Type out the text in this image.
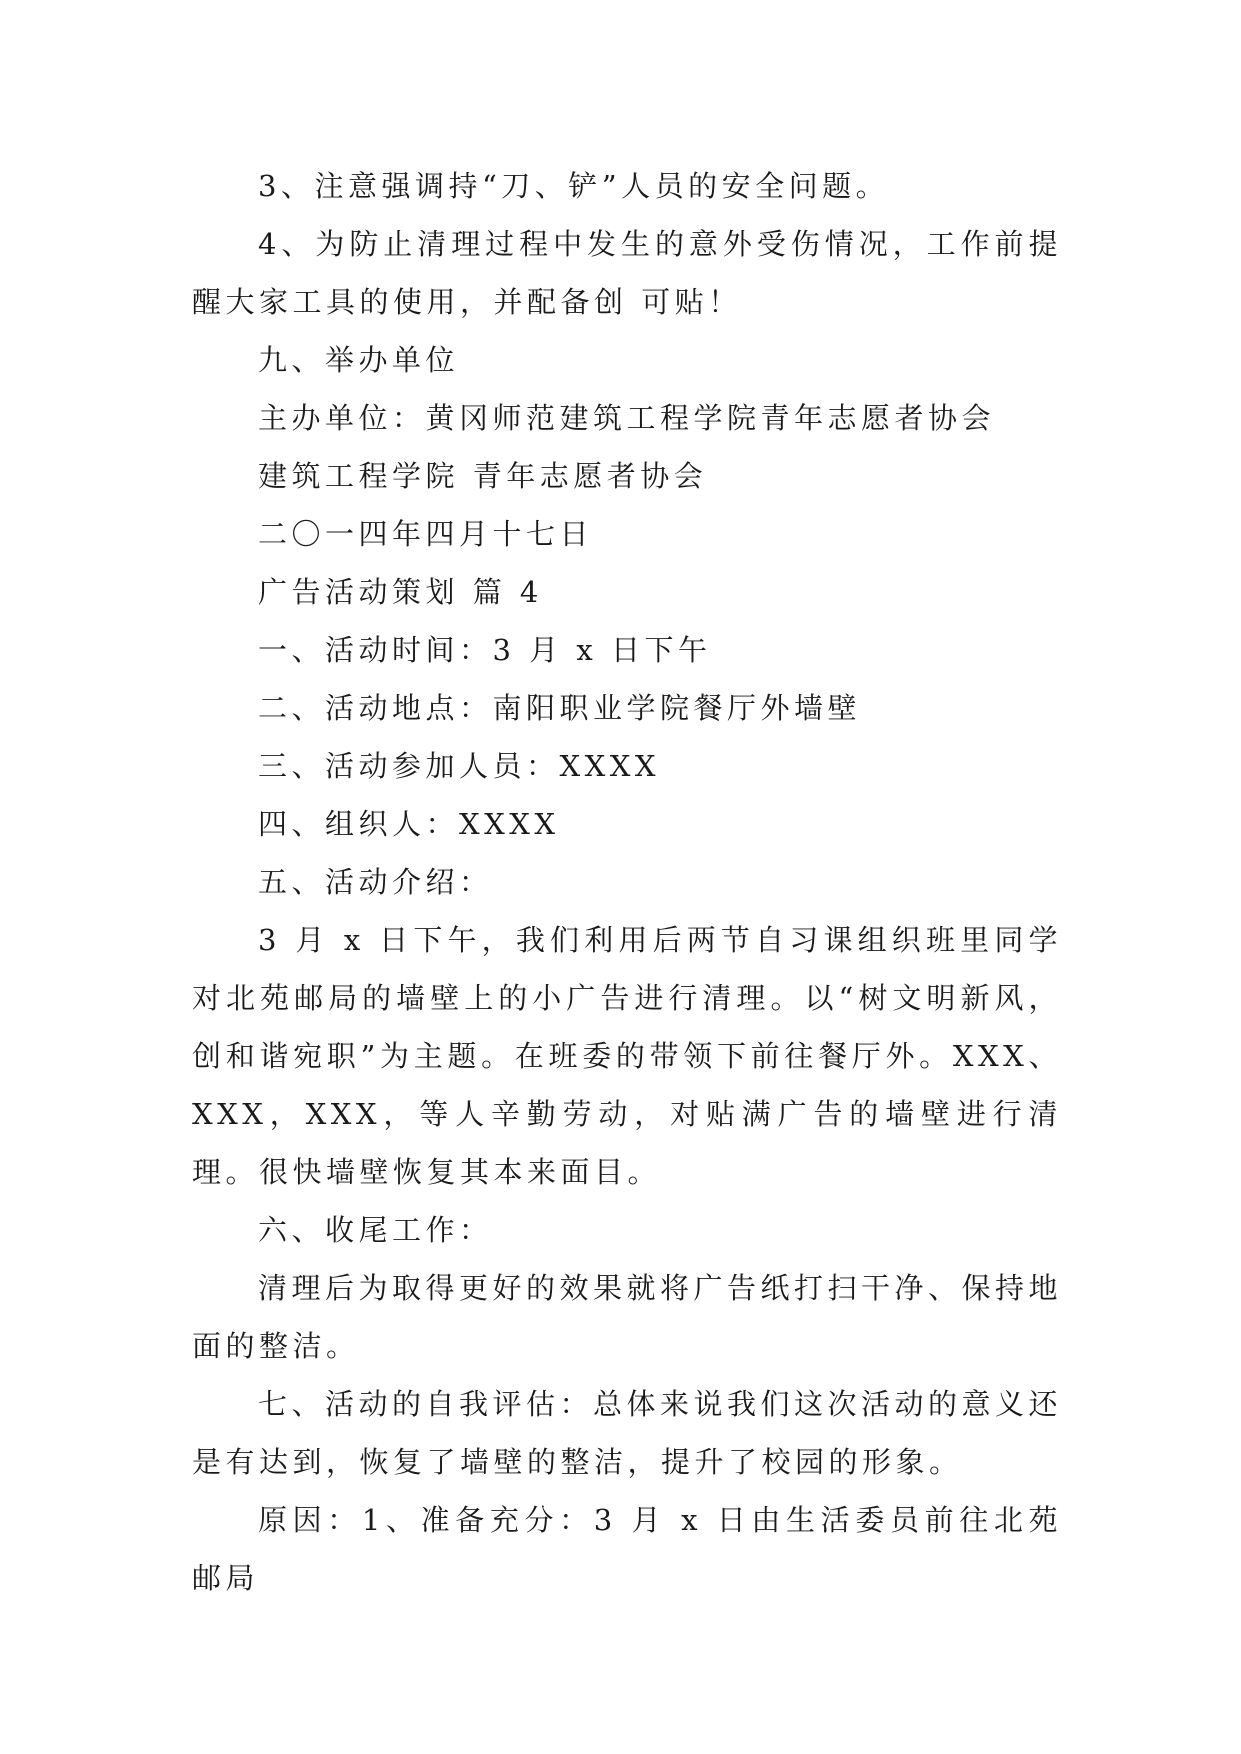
3、注意强调持“刀、铲”人员的安全问题。

4、为防止清理过程中发生的意外受伤情况，工作前提醒大家工具的使用，并配备创 可贴！

九、举办单位

主办单位：黄冈师范建筑工程学院青年志愿者协会

建筑工程学院 青年志愿者协会

二〇一四年四月十七日

广告活动策划 篇 4

一、活动时间：3 月 x 日下午

二、活动地点：南阳职业学院餐厅外墙壁

三、活动参加人员：XXXX

四、组织人：XXXX

五、活动介绍：

3 月 x 日下午，我们利用后两节自习课组织班里同学对北苑邮局的墙壁上的小广告进行清理。以“树文明新风，创和谐宛职”为主题。在班委的带领下前往餐厅外。XXX、XXX，XXX，等人辛勤劳动，对贴满广告的墙壁进行清理。很快墙壁恢复其本来面目。

六、收尾工作：

清理后为取得更好的效果就将广告纸打扫干净、保持地面的整洁。

七、活动的自我评估：总体来说我们这次活动的意义还是有达到，恢复了墙壁的整洁，提升了校园的形象。

原因：1、准备充分：3 月 x 日由生活委员前往北苑邮局
